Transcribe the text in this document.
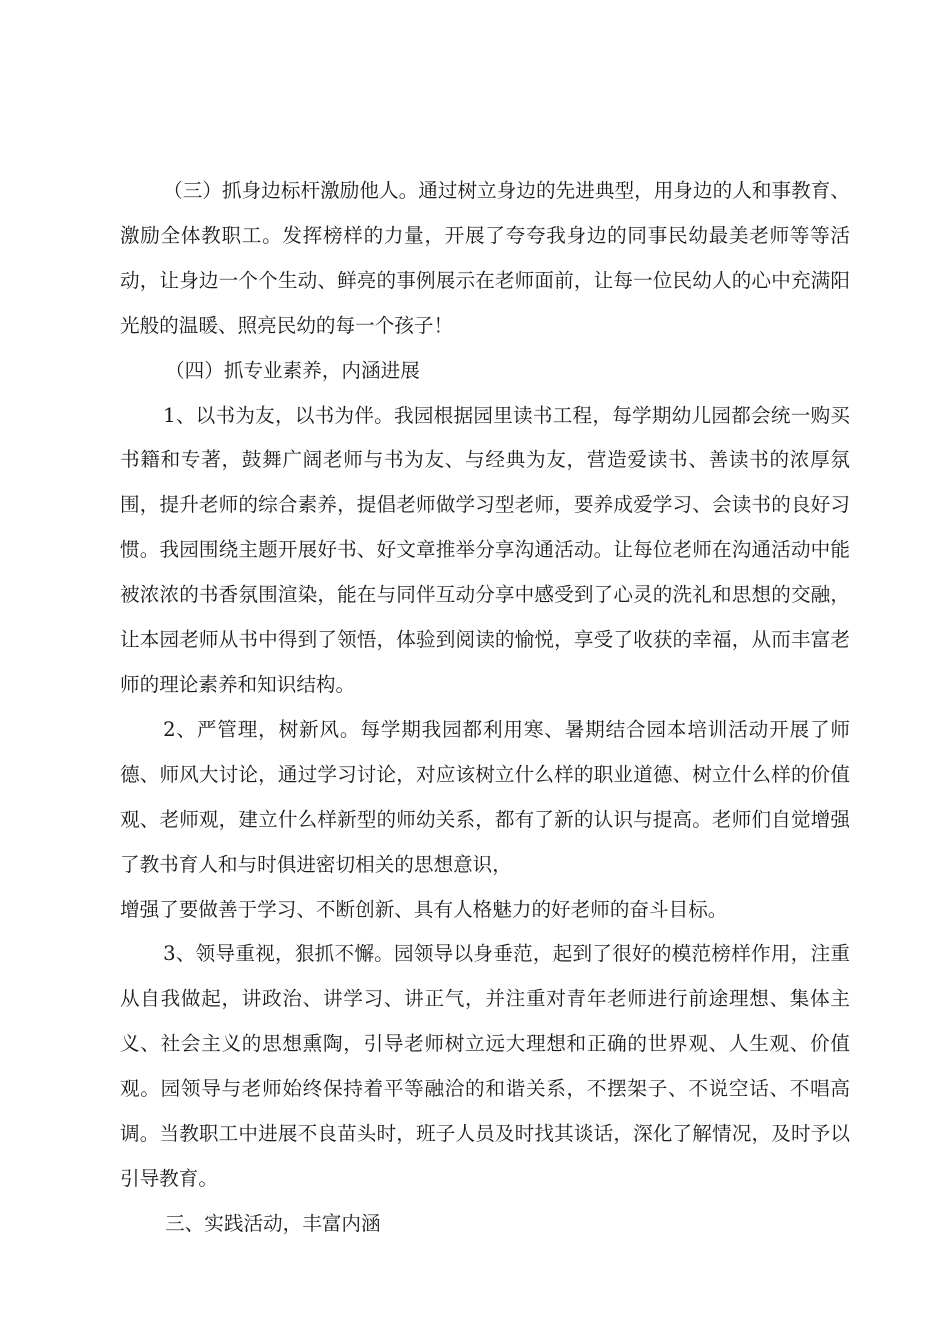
（三）抓身边标杆激励他人。通过树立身边的先进典型，用身边的人和事教育、激励全体教职工。发挥榜样的力量，开展了夸夸我身边的同事民幼最美老师等等活动，让身边一个个生动、鲜亮的事例展示在老师面前，让每一位民幼人的心中充满阳光般的温暖、照亮民幼的每一个孩子！

（四）抓专业素养，内涵进展

1、以书为友，以书为伴。我园根据园里读书工程，每学期幼儿园都会统一购买书籍和专著，鼓舞广阔老师与书为友、与经典为友，营造爱读书、善读书的浓厚氛围，提升老师的综合素养，提倡老师做学习型老师，要养成爱学习、会读书的良好习惯。我园围绕主题开展好书、好文章推举分享沟通活动。让每位老师在沟通活动中能被浓浓的书香氛围渲染，能在与同伴互动分享中感受到了心灵的洗礼和思想的交融，让本园老师从书中得到了领悟，体验到阅读的愉悦，享受了收获的幸福，从而丰富老师的理论素养和知识结构。

2、严管理，树新风。每学期我园都利用寒、暑期结合园本培训活动开展了师德、师风大讨论，通过学习讨论，对应该树立什么样的职业道德、树立什么样的价值观、老师观，建立什么样新型的师幼关系，都有了新的认识与提高。老师们自觉增强了教书育人和与时俱进密切相关的思想意识，

增强了要做善于学习、不断创新、具有人格魅力的好老师的奋斗目标。

3、领导重视，狠抓不懈。园领导以身垂范，起到了很好的模范榜样作用，注重从自我做起，讲政治、讲学习、讲正气，并注重对青年老师进行前途理想、集体主义、社会主义的思想熏陶，引导老师树立远大理想和正确的世界观、人生观、价值观。园领导与老师始终保持着平等融洽的和谐关系，不摆架子、不说空话、不唱高调。当教职工中进展不良苗头时，班子人员及时找其谈话，深化了解情况，及时予以引导教育。

三、实践活动，丰富内涵
